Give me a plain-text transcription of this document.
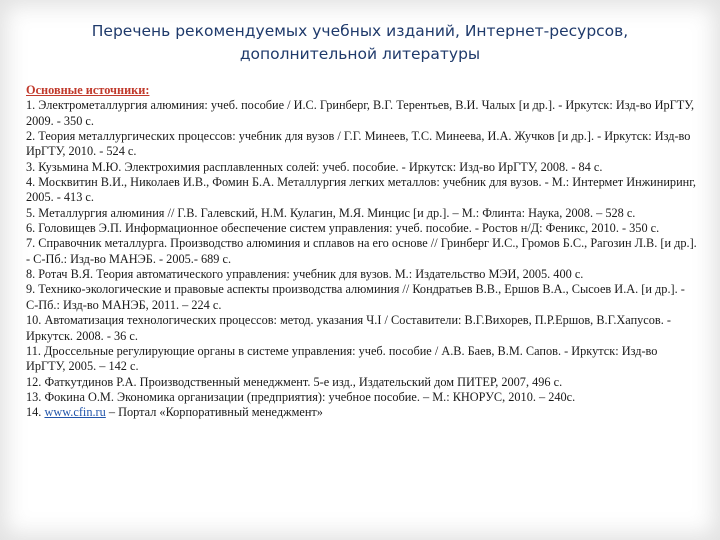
Перечень рекомендуемых учебных изданий, Интернет-ресурсов,
дополнительной литературы
Основные источники:

1. Электрометаллургия алюминия: учеб. пособие / И.С. Гринберг, В.Г. Терентьев, В.И. Чалых [и др.]. - Иркутск: Изд-во ИрГТУ, 2009. - 350 с.

2. Теория металлургических процессов: учебник для вузов / Г.Г. Минеев, Т.С. Минеева, И.А. Жучков [и др.]. - Иркутск: Изд-во ИрГТУ, 2010. - 524 с.

3. Кузьмина М.Ю. Электрохимия расплавленных солей: учеб. пособие. - Иркутск: Изд-во ИрГТУ, 2008. - 84 с.

4. Москвитин В.И., Николаев И.В., Фомин Б.А. Металлургия легких металлов: учебник для вузов. - М.: Интермет Инжиниринг, 2005. - 413 с.

5. Металлургия алюминия // Г.В. Галевский, Н.М. Кулагин, М.Я. Минцис [и др.]. – М.: Флинта: Наука, 2008. – 528 с.

6. Головищев Э.П. Информационное обеспечение систем управления: учеб. пособие. - Ростов н/Д: Феникс, 2010. - 350 с.

7. Справочник металлурга. Производство алюминия и сплавов на его основе // Гринберг И.С., Громов Б.С., Рагозин Л.В. [и др.]. - С-Пб.: Изд-во МАНЭБ. - 2005.- 689 с.

8. Ротач В.Я. Теория автоматического управления: учебник для вузов. М.: Издательство МЭИ, 2005. 400 с.

9. Технико-экологические и правовые аспекты производства алюминия // Кондратьев В.В., Ершов В.А., Сысоев И.А. [и др.]. - С-Пб.: Изд-во МАНЭБ, 2011. – 224 с.

10. Автоматизация технологических процессов: метод. указания Ч.I / Составители: В.Г.Вихорев, П.Р.Ершов, В.Г.Хапусов. - Иркутск. 2008. - 36 с.

11. Дроссельные регулирующие органы в системе управления: учеб. пособие / А.В. Баев, В.М. Сапов. - Иркутск: Изд-во ИрГТУ, 2005. – 142 с.

12. Фаткутдинов Р.А. Производственный менеджмент. 5-е изд., Издательский дом ПИТЕР, 2007, 496 с.

13. Фокина О.М. Экономика организации (предприятия): учебное пособие. – М.: КНОРУС, 2010. – 240с.

14. www.cfin.ru – Портал «Корпоративный менеджмент»
